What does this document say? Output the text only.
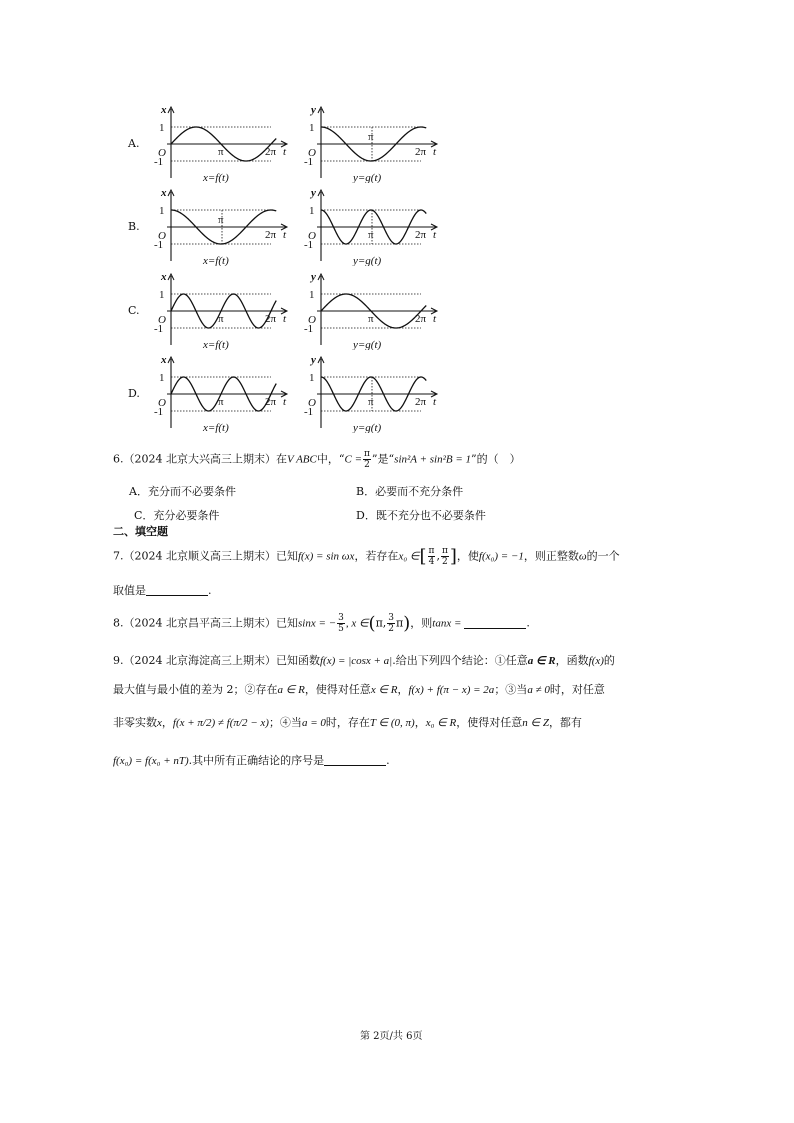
A.
x
1
-1
O	π	2π t
x=f(t)
y
1
-1
O
π
2π t
y=g(t)
B.
x
1
-1
O
π
2π t
x=f(t)
y
1
-1
O	π	2π t
y=g(t)
C.
x
1
-1
O	π	2π t
x=f(t)
y
1
-1
O	π	2π t
y=g(t)
D.
x
1
-1
O	π	2π t
x=f(t)
y
1
-1
O	π	2π t
y=g(t)
6.（2024 北京大兴高三上期末）在V ABC中，“$C = \frac{\pi}{2}$ ”是“sin²A + sin²B = 1”的（　）
A．充分而不必要条件	B．必要而不充分条件
C．充分必要条件	D．既不充分也不必要条件
二、填空题
7.（2024 北京顺义高三上期末）已知f(x) = sin ωx，若存在x₀ ∈[ $\frac{\pi}{4}$ , $\frac{\pi}{2}$ ]，使f(x₀) = −1，则正整数ω的一个
取值是	.
8.（2024 北京昌平高三上期末）已知sinx = − $\frac{3}{5}$ , x ∈(π, $\frac{3}{2} \pi$)，则tanx =	.
9.（2024 北京海淀高三上期末）已知函数f(x) = |cosx + a|.给出下列四个结论：①任意a ∈ R，函数f(x)的
最大值与最小值的差为 2；②存在a ∈ R，使得对任意x ∈ R，f(x) + f(π − x) = 2a；③当a ≠ 0时，对任意
非零实数x，f(x + π/2) ≠ f(π/2 − x)；④当a = 0时，存在T ∈ (0, π)，x₀ ∈ R，使得对任意n ∈ Z，都有
f(x₀) = f(x₀ + nT).其中所有正确结论的序号是	.
第 2页/共 6页
